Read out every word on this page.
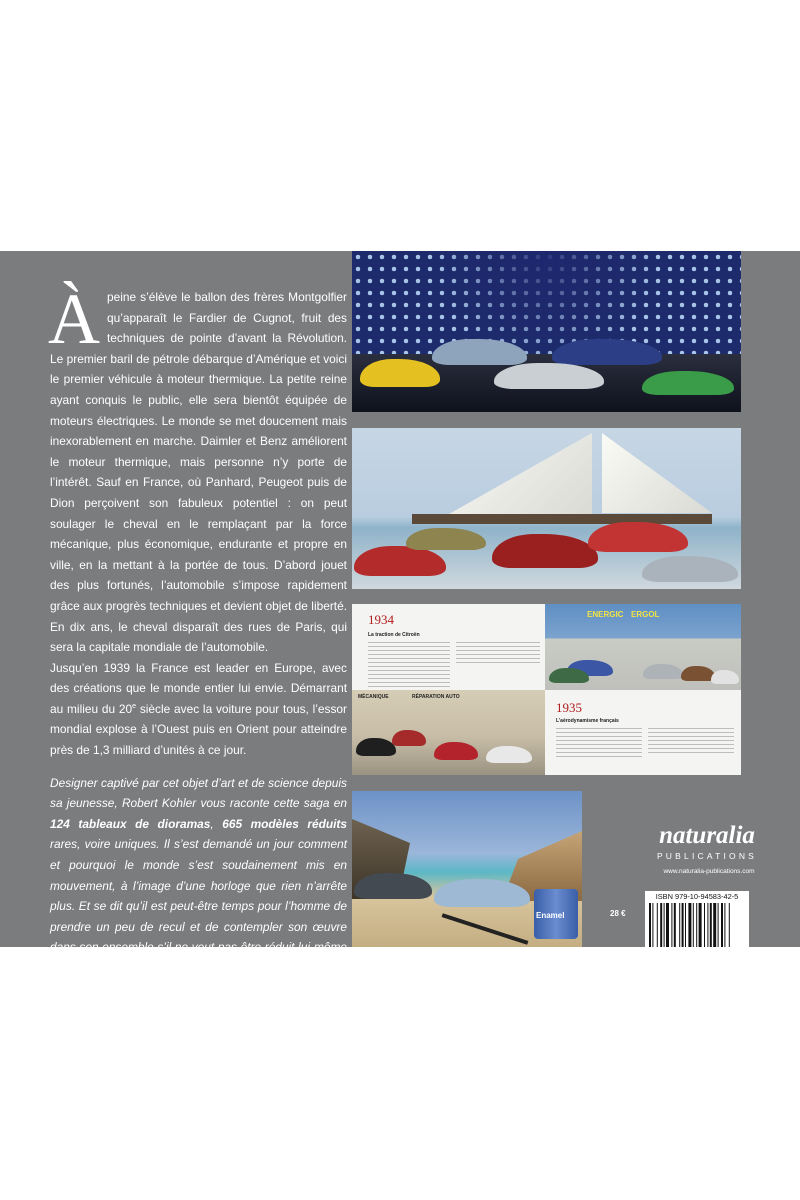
À peine s’élève le ballon des frères Montgolfier qu’apparaît le Fardier de Cugnot, fruit des techniques de pointe d’avant la Révolution. Le premier baril de pétrole débarque d’Amérique et voici le premier véhicule à moteur thermique. La petite reine ayant conquis le public, elle sera bientôt équipée de moteurs électriques. Le monde se met doucement mais inexorablement en marche. Daimler et Benz améliorent le moteur thermique, mais personne n’y porte de l’intérêt. Sauf en France, où Panhard, Peugeot puis de Dion perçoivent son fabuleux potentiel : on peut soulager le cheval en le remplaçant par la force mécanique, plus économique, endurante et propre en ville, en la mettant à la portée de tous. D’abord jouet des plus fortunés, l’automobile s’impose rapidement grâce aux progrès techniques et devient objet de liberté. En dix ans, le cheval disparaît des rues de Paris, qui sera la capitale mondiale de l’automobile.

Jusqu’en 1939 la France est leader en Europe, avec des créations que le monde entier lui envie. Démarrant au milieu du 20e siècle avec la voiture pour tous, l’essor mondial explose à l’Ouest puis en Orient pour atteindre près de 1,3 milliard d’unités à ce jour.

Designer captivé par cet objet d’art et de science depuis sa jeunesse, Robert Kohler vous raconte cette saga en 124 tableaux de dioramas, 665 modèles réduits rares, voire uniques. Il s’est demandé un jour comment et pourquoi le monde s’est soudainement mis en mouvement, à l’image d’une horloge que rien n’arrête plus. Et se dit qu’il est peut-être temps pour l’homme de prendre un peu de recul et de contempler son œuvre dans son ensemble s’il ne veut pas être réduit lui-même à un simple rouage.

1934
La traction de Citroën
ENERGIC ERGOL
MÉCANIQUE	RÉPARATION AUTO
1935
L’aérodynamisme français
Enamel
naturalia
PUBLICATIONS
www.naturalia-publications.com
28 €
ISBN 979-10-94583-42-5
